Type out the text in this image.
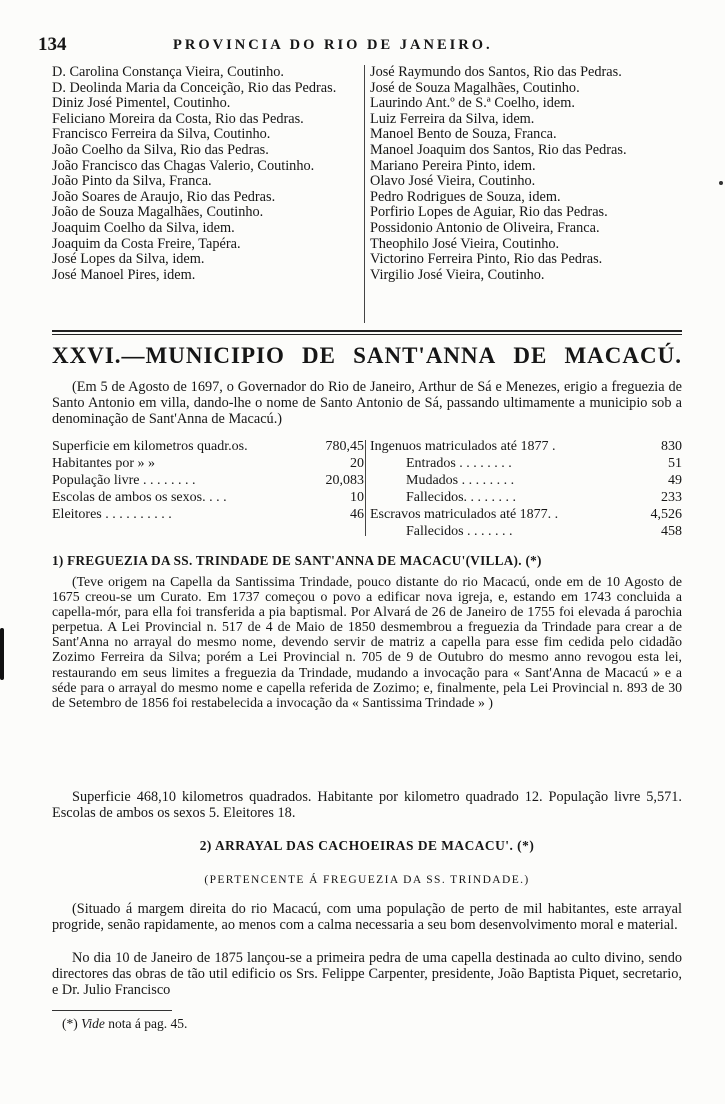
134	PROVINCIA DO RIO DE JANEIRO.
D. Carolina Constança Vieira, Coutinho.
D. Deolinda Maria da Conceição, Rio das Pedras.
Diniz José Pimentel, Coutinho.
Feliciano Moreira da Costa, Rio das Pedras.
Francisco Ferreira da Silva, Coutinho.
João Coelho da Silva, Rio das Pedras.
João Francisco das Chagas Valerio, Coutinho.
João Pinto da Silva, Franca.
João Soares de Araujo, Rio das Pedras.
João de Souza Magalhães, Coutinho.
Joaquim Coelho da Silva, idem.
Joaquim da Costa Freire, Tapéra.
José Lopes da Silva, idem.
José Manoel Pires, idem.
José Raymundo dos Santos, Rio das Pedras.
José de Souza Magalhães, Coutinho.
Laurindo Ant.º de S.ª Coelho, idem.
Luiz Ferreira da Silva, idem.
Manoel Bento de Souza, Franca.
Manoel Joaquim dos Santos, Rio das Pedras.
Mariano Pereira Pinto, idem.
Olavo José Vieira, Coutinho.
Pedro Rodrigues de Souza, idem.
Porfirio Lopes de Aguiar, Rio das Pedras.
Possidonio Antonio de Oliveira, Franca.
Theophilo José Vieira, Coutinho.
Victorino Ferreira Pinto, Rio das Pedras.
Virgilio José Vieira, Coutinho.
XXVI.—MUNICIPIO DE SANT'ANNA DE MACACÚ.
(Em 5 de Agosto de 1697, o Governador do Rio de Janeiro, Arthur de Sá e Menezes, erigio a freguezia de Santo Antonio em villa, dando-lhe o nome de Santo Antonio de Sá, passando ultimamente a municipio sob a denominação de Sant'Anna de Macacú.)
Superficie em kilometros quadr.os.	780,45
Habitantes por » »	20
População livre . . . . . . . .	20,083
Escolas de ambos os sexos. . . .	10
Eleitores . . . . . . . . . .	46
Ingenuos matriculados até 1877 .	830
Entrados . . . . . . . .	51
Mudados . . . . . . . .	49
Fallecidos. . . . . . . .	233
Escravos matriculados até 1877. .	4,526
Fallecidos . . . . . . .	458
1) FREGUEZIA DA SS. TRINDADE DE SANT'ANNA DE MACACU'(VILLA). (*)
(Teve origem na Capella da Santissima Trindade, pouco distante do rio Macacú, onde em de 10 Agosto de 1675 creou-se um Curato. Em 1737 começou o povo a edificar nova igreja, e, estando em 1743 concluida a capella-mór, para ella foi transferida a pia baptismal. Por Alvará de 26 de Janeiro de 1755 foi elevada á parochia perpetua. A Lei Provincial n. 517 de 4 de Maio de 1850 desmembrou a freguezia da Trindade para crear a de Sant'Anna no arrayal do mesmo nome, devendo servir de matriz a capella para esse fim cedida pelo cidadão Zozimo Ferreira da Silva; porém a Lei Provincial n. 705 de 9 de Outubro do mesmo anno revogou esta lei, restaurando em seus limites a freguezia da Trindade, mudando a invocação para « Sant'Anna de Macacú » e a séde para o arrayal do mesmo nome e capella referida de Zozimo; e, finalmente, pela Lei Provincial n. 893 de 30 de Setembro de 1856 foi restabelecida a invocação da « Santissima Trindade » )
Superficie 468,10 kilometros quadrados. Habitante por kilometro quadrado 12. População livre 5,571. Escolas de ambos os sexos 5. Eleitores 18.
2) ARRAYAL DAS CACHOEIRAS DE MACACU'. (*)
(PERTENCENTE Á FREGUEZIA DA SS. TRINDADE.)
(Situado á margem direita do rio Macacú, com uma população de perto de mil habitantes, este arrayal progride, senão rapidamente, ao menos com a calma necessaria a seu bom desenvolvimento moral e material.
No dia 10 de Janeiro de 1875 lançou-se a primeira pedra de uma capella destinada ao culto divino, sendo directores das obras de tão util edificio os Srs. Felippe Carpenter, presidente, João Baptista Piquet, secretario, e Dr. Julio Francisco
(*) Vide nota á pag. 45.
